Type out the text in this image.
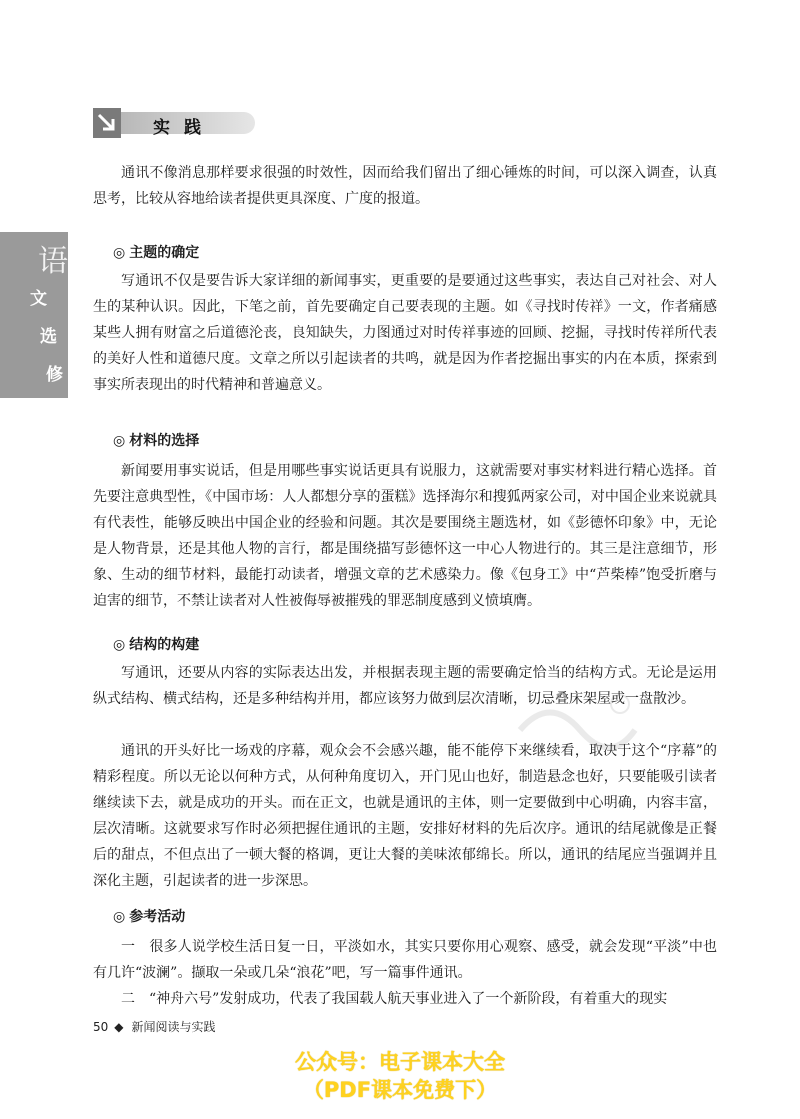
语
文
选
修
实践

通讯不像消息那样要求很强的时效性，因而给我们留出了细心锤炼的时间，可以深入调查，认真思考，比较从容地给读者提供更具深度、广度的报道。

◎ 主题的确定

写通讯不仅是要告诉大家详细的新闻事实，更重要的是要通过这些事实，表达自己对社会、对人生的某种认识。因此，下笔之前，首先要确定自己要表现的主题。如《寻找时传祥》一文，作者痛感某些人拥有财富之后道德沦丧，良知缺失，力图通过对时传祥事迹的回顾、挖掘，寻找时传祥所代表的美好人性和道德尺度。文章之所以引起读者的共鸣，就是因为作者挖掘出事实的内在本质，探索到事实所表现出的时代精神和普遍意义。

◎ 材料的选择

新闻要用事实说话，但是用哪些事实说话更具有说服力，这就需要对事实材料进行精心选择。首先要注意典型性，《中国市场：人人都想分享的蛋糕》选择海尔和搜狐两家公司，对中国企业来说就具有代表性，能够反映出中国企业的经验和问题。其次是要围绕主题选材，如《彭德怀印象》中，无论是人物背景，还是其他人物的言行，都是围绕描写彭德怀这一中心人物进行的。其三是注意细节，形象、生动的细节材料，最能打动读者，增强文章的艺术感染力。像《包身工》中“芦柴棒”饱受折磨与迫害的细节，不禁让读者对人性被侮辱被摧残的罪恶制度感到义愤填膺。

◎ 结构的构建

写通讯，还要从内容的实际表达出发，并根据表现主题的需要确定恰当的结构方式。无论是运用纵式结构、横式结构，还是多种结构并用，都应该努力做到层次清晰，切忌叠床架屋或一盘散沙。

通讯的开头好比一场戏的序幕，观众会不会感兴趣，能不能停下来继续看，取决于这个“序幕”的精彩程度。所以无论以何种方式，从何种角度切入，开门见山也好，制造悬念也好，只要能吸引读者继续读下去，就是成功的开头。而在正文，也就是通讯的主体，则一定要做到中心明确，内容丰富，层次清晰。这就要求写作时必须把握住通讯的主题，安排好材料的先后次序。通讯的结尾就像是正餐后的甜点，不但点出了一顿大餐的格调，更让大餐的美味浓郁绵长。所以，通讯的结尾应当强调并且深化主题，引起读者的进一步深思。

◎ 参考活动

一　很多人说学校生活日复一日，平淡如水，其实只要你用心观察、感受，就会发现“平淡”中也有几许“波澜”。撷取一朵或几朵“浪花”吧，写一篇事件通讯。

二　“神舟六号”发射成功，代表了我国载人航天事业进入了一个新阶段，有着重大的现实

50 ◆ 新闻阅读与实践
公众号：电子课本大全
（PDF课本免费下）
